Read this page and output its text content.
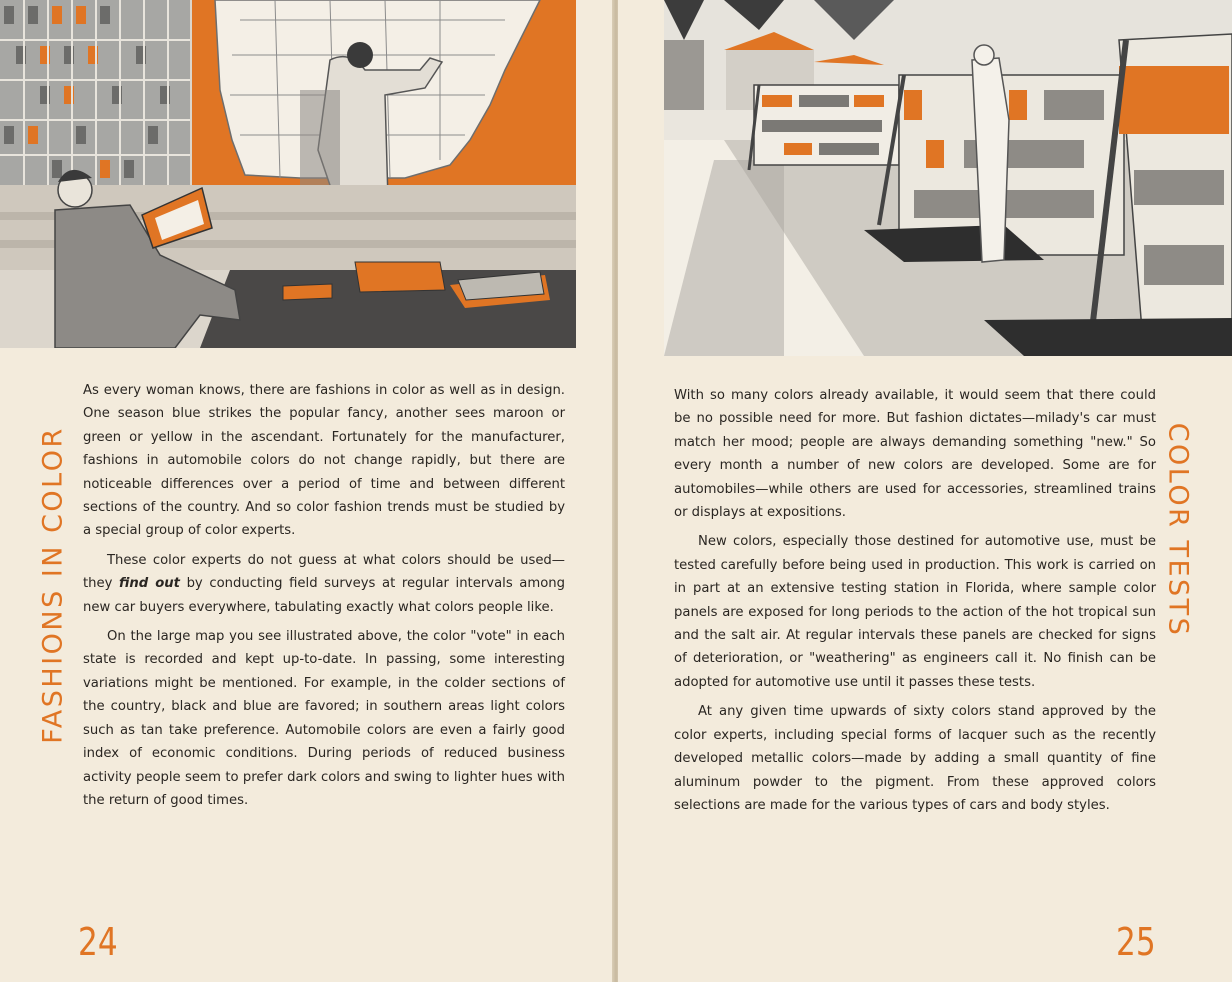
FASHIONS IN COLOR

As every woman knows, there are fashions in color as well as in design. One season blue strikes the popular fancy, another sees maroon or green or yellow in the ascendant. Fortunately for the manufacturer, fashions in automobile colors do not change rapidly, but there are noticeable differences over a period of time and between different sections of the country. And so color fashion trends must be studied by a special group of color experts.

These color experts do not guess at what colors should be used—they find out by conducting field surveys at regular intervals among new car buyers everywhere, tabulating exactly what colors people like.

On the large map you see illustrated above, the color "vote" in each state is recorded and kept up-to-date. In passing, some interesting variations might be mentioned. For example, in the colder sections of the country, black and blue are favored; in southern areas light colors such as tan take preference. Automobile colors are even a fairly good index of economic conditions. During periods of reduced business activity people seem to prefer dark colors and swing to lighter hues with the return of good times.

24

With so many colors already available, it would seem that there could be no possible need for more. But fashion dictates—milady's car must match her mood; people are always demanding something "new." So every month a number of new colors are developed. Some are for automobiles—while others are used for accessories, streamlined trains or displays at expositions.

New colors, especially those destined for automotive use, must be tested carefully before being used in production. This work is carried on in part at an extensive testing station in Florida, where sample color panels are exposed for long periods to the action of the hot tropical sun and the salt air. At regular intervals these panels are checked for signs of deterioration, or "weathering" as engineers call it. No finish can be adopted for automotive use until it passes these tests.

At any given time upwards of sixty colors stand approved by the color experts, including special forms of lacquer such as the recently developed metallic colors—made by adding a small quantity of fine aluminum powder to the pigment. From these approved colors selections are made for the various types of cars and body styles.

COLOR TESTS
25
